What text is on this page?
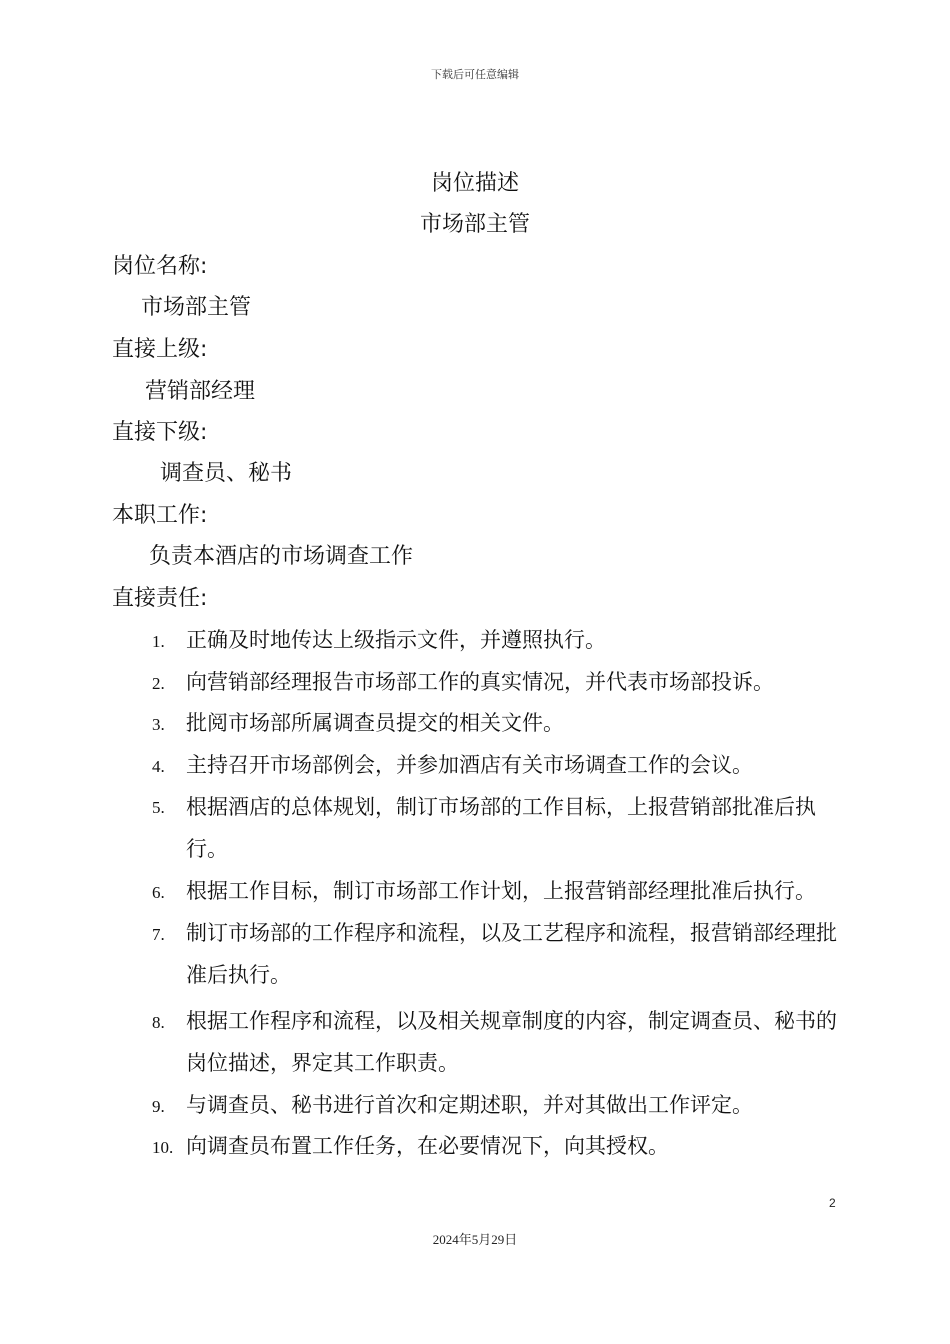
下载后可任意编辑
岗位描述
市场部主管
岗位名称:
市场部主管
直接上级:
营销部经理
直接下级:
调查员、秘书
本职工作:
负责本酒店的市场调查工作
直接责任:
1.	正确及时地传达上级指示文件，并遵照执行。
2.	向营销部经理报告市场部工作的真实情况，并代表市场部投诉。
3.	批阅市场部所属调查员提交的相关文件。
4.	主持召开市场部例会，并参加酒店有关市场调查工作的会议。
5.	根据酒店的总体规划，制订市场部的工作目标，上报营销部批准后执行。
6.	根据工作目标，制订市场部工作计划，上报营销部经理批准后执行。
7.	制订市场部的工作程序和流程，以及工艺程序和流程，报营销部经理批准后执行。
8.	根据工作程序和流程，以及相关规章制度的内容，制定调查员、秘书的岗位描述，界定其工作职责。
9.	与调查员、秘书进行首次和定期述职，并对其做出工作评定。
10. 向调查员布置工作任务，在必要情况下，向其授权。
2
2024年5月29日
